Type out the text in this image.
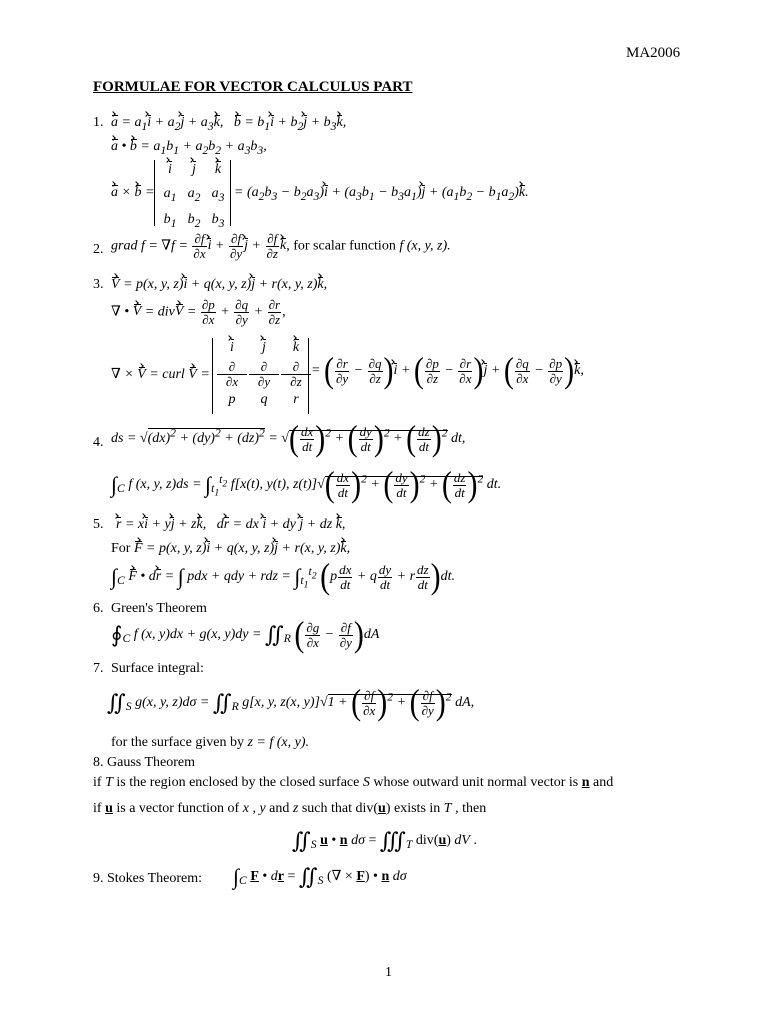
MA2006
FORMULAE FOR VECTOR CALCULUS PART
1. $a = a_1i + a_2j + a_3k$,   $b = b_1i + b_2j + b_3k$,
a • $b = a_1b_1 + a_2b_2 + a_3b_3$,
a × b =
i j k
$a_1$ $a_2$ $a_3$
$b_1$ $b_2$ $b_3$
= $(a_2b_3 - b_2a_3)i + (a_3b_1 - b_3a_1)j + (a_1b_2 - b_1a_2)k$.
2. grad $f = \nabla f = \frac{\partial f}{\partial x}$ $i + \frac{\partial f}{\partial y}$ $j + \frac{\partial f}{\partial z} k$, for scalar function f (x, y, z).
3. V = p(x, y, z)i + q(x, y, z)j + r(x, y, z)k,
∇ • V = divV = $\frac{\partial p}{\partial x} + \frac{\partial q}{\partial y} + \frac{\partial r}{\partial z}$ ,
∇ × V = curl V =
i j k
$\frac{\partial}{\partial x} \frac{\partial}{\partial y} \frac{\partial}{\partial z}$
p	q	r
= ( $\frac{\partial r}{\partial y} - \frac{\partial q}{\partial z} )i$ + ( $\frac{\partial p}{\partial z} - \frac{\partial r}{\partial x} )j$ + ( $\frac{\partial q}{\partial x} - \frac{\partial p}{\partial y} )k$,
4. ds = √(dx)$^2$ + (dy)$^2$ + (dz)$^2$ = √( $\frac{dx}{dt} )^2$ + ( $\frac{dy}{dt} )^2$ + ( $\frac{dz}{dt} )^2$ dt,
$\int_C$ f (x, y, $z)ds = \int_{t_1}^{t_2}$ f[x(t), y(t), $z(t)]√( \frac{dx}{dt} )^2$ + ( $\frac{dy}{dt} )^2$ + ( $\frac{dz}{dt} )^2$ dt.
5. r = xi + yj + zk,   dr = dx i + dy j + dz k,
For F = p(x, y, z)i + q(x, y, z)j + r(x, y, z)k,
$\int_C$ F • dr = ∫ pdx + qdy + rdz = $\int_{t_1}^{t_2}$ $(p \frac{dx}{dt} + q \frac{dy}{dt} + r \frac{dz}{dt} )dt$.
6. Green's Theorem
$∮_C$ f (x, y)dx + g(x, $y)dy = ∬_R$ ( $\frac{\partial g}{\partial x} - \frac{\partial f}{\partial y} )dA$
7. Surface integral:
$∬_S$ g(x, y, $z)d\sigma = ∬_R$ g[x, y, z(x, y)]√1 + ( $\frac{\partial f}{\partial x} )^2$ + ( $\frac{\partial f}{\partial y} )^2$ dA,
for the surface given by z = f (x, y).
8. Gauss Theorem
if T is the region enclosed by the closed surface S whose outward unit normal vector is n and
if u is a vector function of x , y and z such that div(u) exists in T , then
$∬_S$ u • n $d\sigma = ∭_T$ div(u) dV .
9. Stokes Theorem: $\int_C$ F • dr = $∬_S$ (∇ × F) • n dσ
1
